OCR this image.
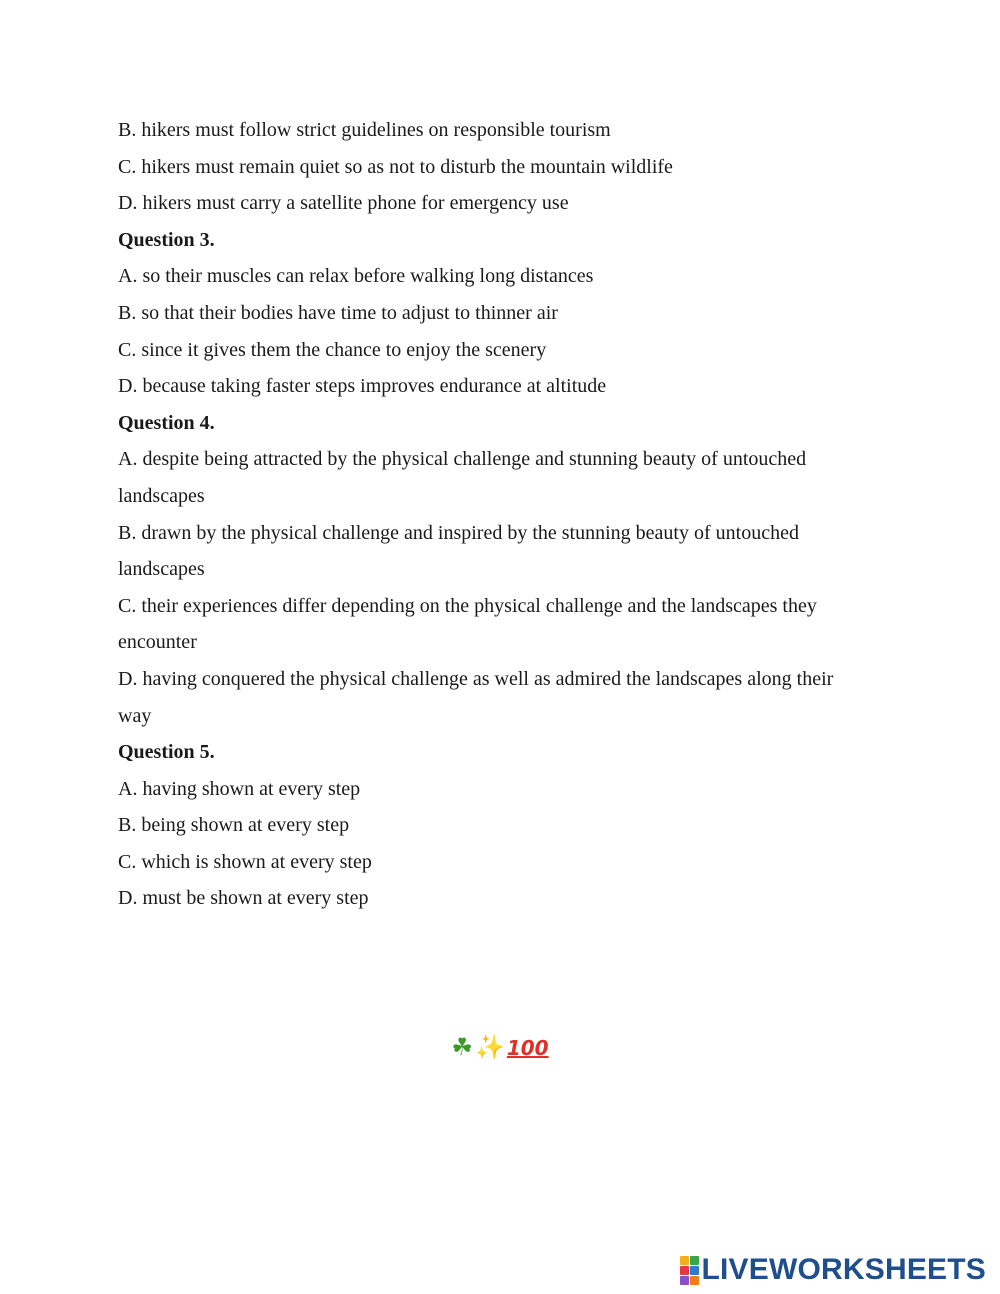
B. hikers must follow strict guidelines on responsible tourism

C. hikers must remain quiet so as not to disturb the mountain wildlife

D. hikers must carry a satellite phone for emergency use

Question 3.

A. so their muscles can relax before walking long distances

B. so that their bodies have time to adjust to thinner air

C. since it gives them the chance to enjoy the scenery

D. because taking faster steps improves endurance at altitude

Question 4.

A. despite being attracted by the physical challenge and stunning beauty of untouched

landscapes

B. drawn by the physical challenge and inspired by the stunning beauty of untouched

landscapes

C. their experiences differ depending on the physical challenge and the landscapes they

encounter

D. having conquered the physical challenge as well as admired the landscapes along their

way

Question 5.

A. having shown at every step

B. being shown at every step

C. which is shown at every step

D. must be shown at every step

☘✨ 100
LIVEWORKSHEETS
